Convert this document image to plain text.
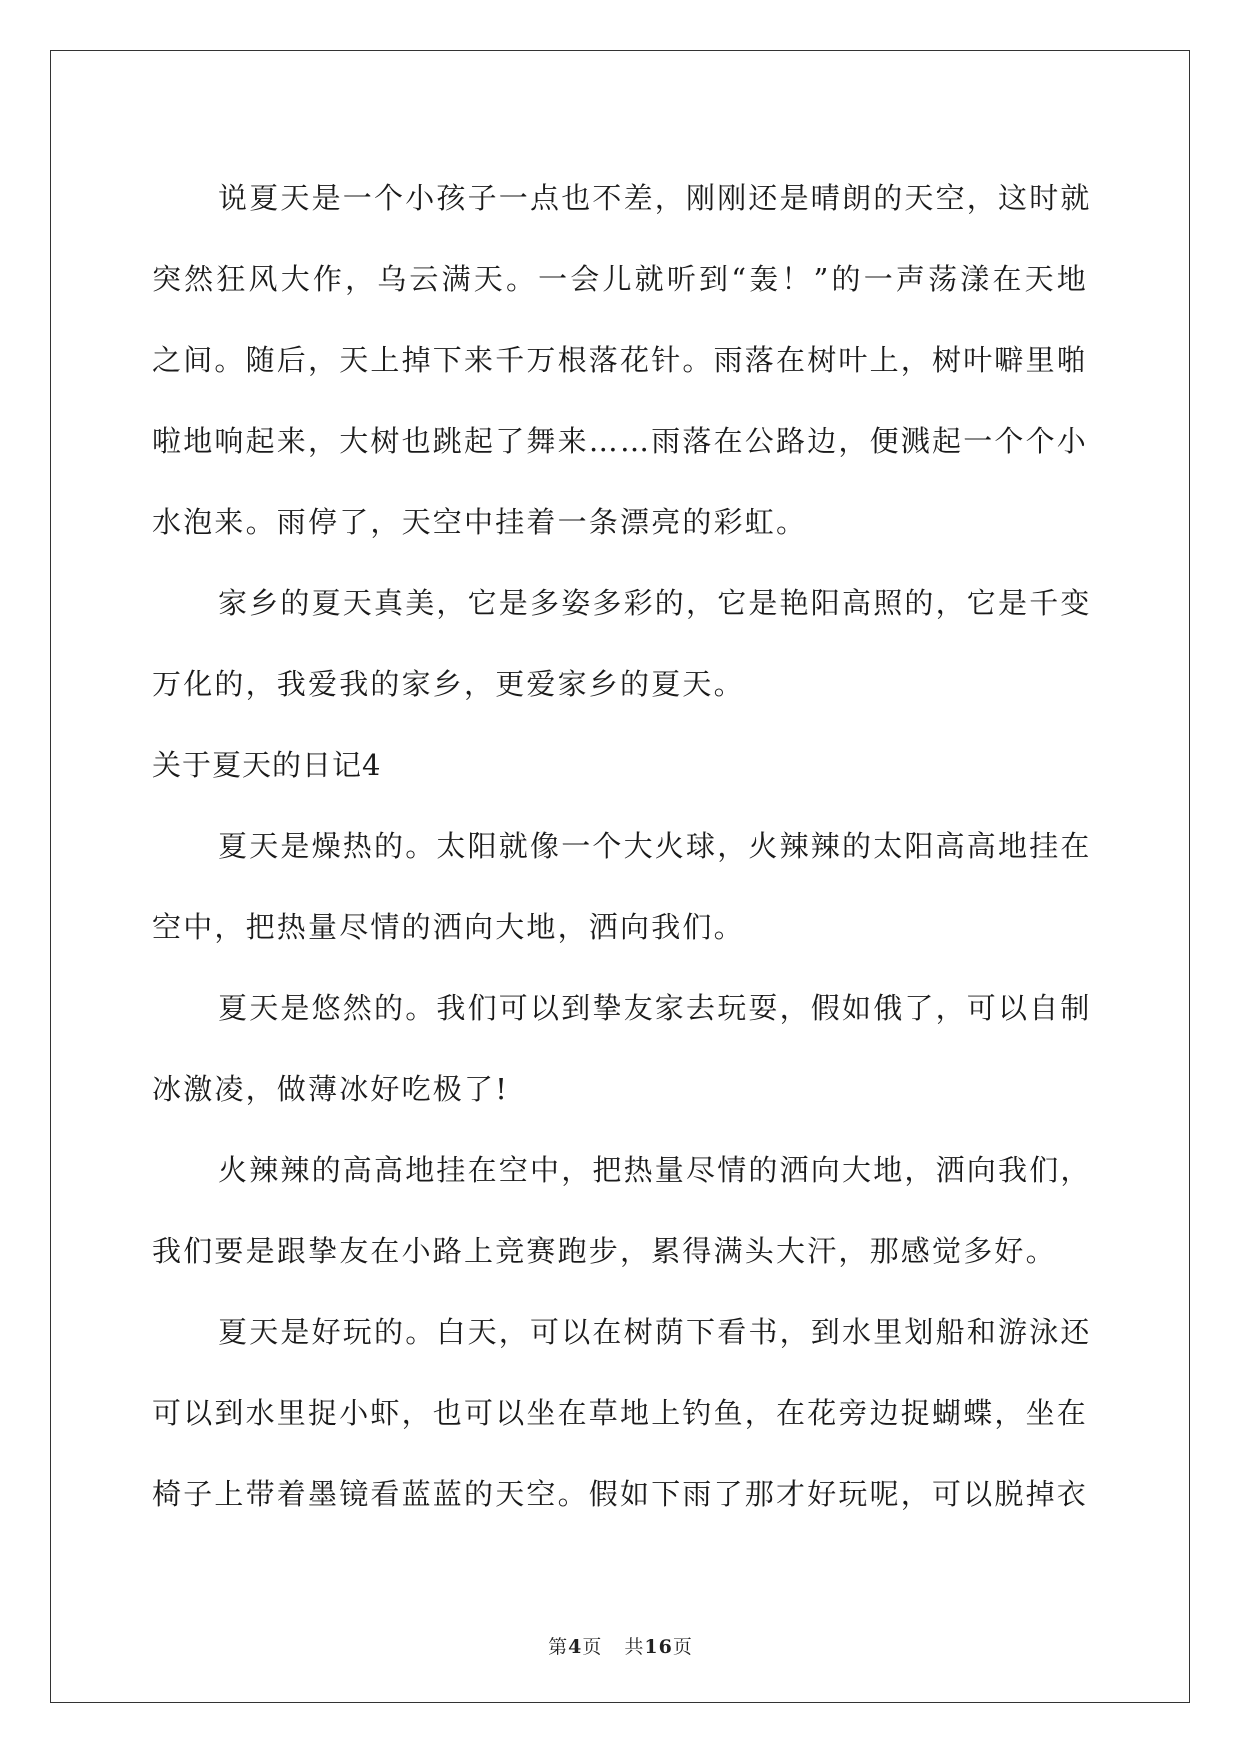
说夏天是一个小孩子一点也不差，刚刚还是晴朗的天空，这时就
突然狂风大作，乌云满天。一会儿就听到“轰！”的一声荡漾在天地
之间。随后，天上掉下来千万根落花针。雨落在树叶上，树叶噼里啪
啦地响起来，大树也跳起了舞来……雨落在公路边，便溅起一个个小
水泡来。雨停了，天空中挂着一条漂亮的彩虹。
家乡的夏天真美，它是多姿多彩的，它是艳阳高照的，它是千变
万化的，我爱我的家乡，更爱家乡的夏天。
关于夏天的日记4
夏天是燥热的。太阳就像一个大火球，火辣辣的太阳高高地挂在
空中，把热量尽情的洒向大地，洒向我们。
夏天是悠然的。我们可以到挚友家去玩耍，假如俄了，可以自制
冰激凌，做薄冰好吃极了!
火辣辣的高高地挂在空中，把热量尽情的洒向大地，洒向我们，
我们要是跟挚友在小路上竞赛跑步，累得满头大汗，那感觉多好。
夏天是好玩的。白天，可以在树荫下看书，到水里划船和游泳还
可以到水里捉小虾，也可以坐在草地上钓鱼，在花旁边捉蝴蝶，坐在
椅子上带着墨镜看蓝蓝的天空。假如下雨了那才好玩呢，可以脱掉衣
第4页 共16页
